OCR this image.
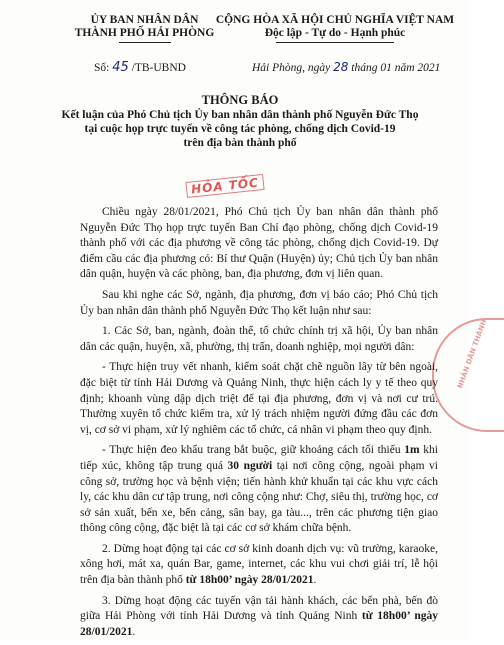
ỦY BAN NHÂN DÂN
THÀNH PHỐ HẢI PHÒNG
CỘNG HÒA XÃ HỘI CHỦ NGHĨA VIỆT NAM
Độc lập - Tự do - Hạnh phúc
Số: 45 /TB-UBND	Hải Phòng, ngày 28 tháng 01 năm 2021
THÔNG BÁO
Kết luận của Phó Chủ tịch Ủy ban nhân dân thành phố Nguyễn Đức Thọ
tại cuộc họp trực tuyến về công tác phòng, chống dịch Covid-19
trên địa bàn thành phố
HỎA TỐC
NHÂN DÂN THÀNH

Chiều ngày 28/01/2021, Phó Chủ tịch Ủy ban nhân dân thành phố Nguyễn Đức Thọ họp trực tuyến Ban Chỉ đạo phòng, chống dịch Covid-19 thành phố với các địa phương về công tác phòng, chống dịch Covid-19. Dự điểm cầu các địa phương có: Bí thư Quận (Huyện) ủy; Chủ tịch Ủy ban nhân dân quận, huyện và các phòng, ban, địa phương, đơn vị liên quan.

Sau khi nghe các Sở, ngành, địa phương, đơn vị báo cáo; Phó Chủ tịch Ủy ban nhân dân thành phố Nguyễn Đức Thọ kết luận như sau:

1. Các Sở, ban, ngành, đoàn thể, tổ chức chính trị xã hội, Ủy ban nhân dân các quận, huyện, xã, phường, thị trấn, doanh nghiệp, mọi người dân:

- Thực hiện truy vết nhanh, kiểm soát chặt chẽ nguồn lây từ bên ngoài, đặc biệt từ tỉnh Hải Dương và Quảng Ninh, thực hiện cách ly y tế theo quy định; khoanh vùng dập dịch triệt để tại địa phương, đơn vị và nơi cư trú. Thường xuyên tổ chức kiểm tra, xử lý trách nhiệm người đứng đầu các đơn vị, cơ sở vi phạm, xử lý nghiêm các tổ chức, cá nhân vi phạm theo quy định.

- Thực hiện đeo khẩu trang bắt buộc, giữ khoảng cách tối thiểu 1m khi tiếp xúc, không tập trung quá 30 người tại nơi công cộng, ngoài phạm vi công sở, trường học và bệnh viện; tiến hành khử khuẩn tại các khu vực cách ly, các khu dân cư tập trung, nơi công cộng như: Chợ, siêu thị, trường học, cơ sở sản xuất, bến xe, bến cảng, sân bay, ga tàu..., trên các phương tiện giao thông công cộng, đặc biệt là tại các cơ sở khám chữa bệnh.

2. Dừng hoạt động tại các cơ sở kinh doanh dịch vụ: vũ trường, karaoke, xông hơi, mát xa, quán Bar, game, internet, các khu vui chơi giải trí, lễ hội trên địa bàn thành phố từ 18h00’ ngày 28/01/2021.

3. Dừng hoạt động các tuyến vận tải hành khách, các bến phà, bến đò giữa Hải Phòng với tỉnh Hải Dương và tỉnh Quảng Ninh từ 18h00’ ngày 28/01/2021.
